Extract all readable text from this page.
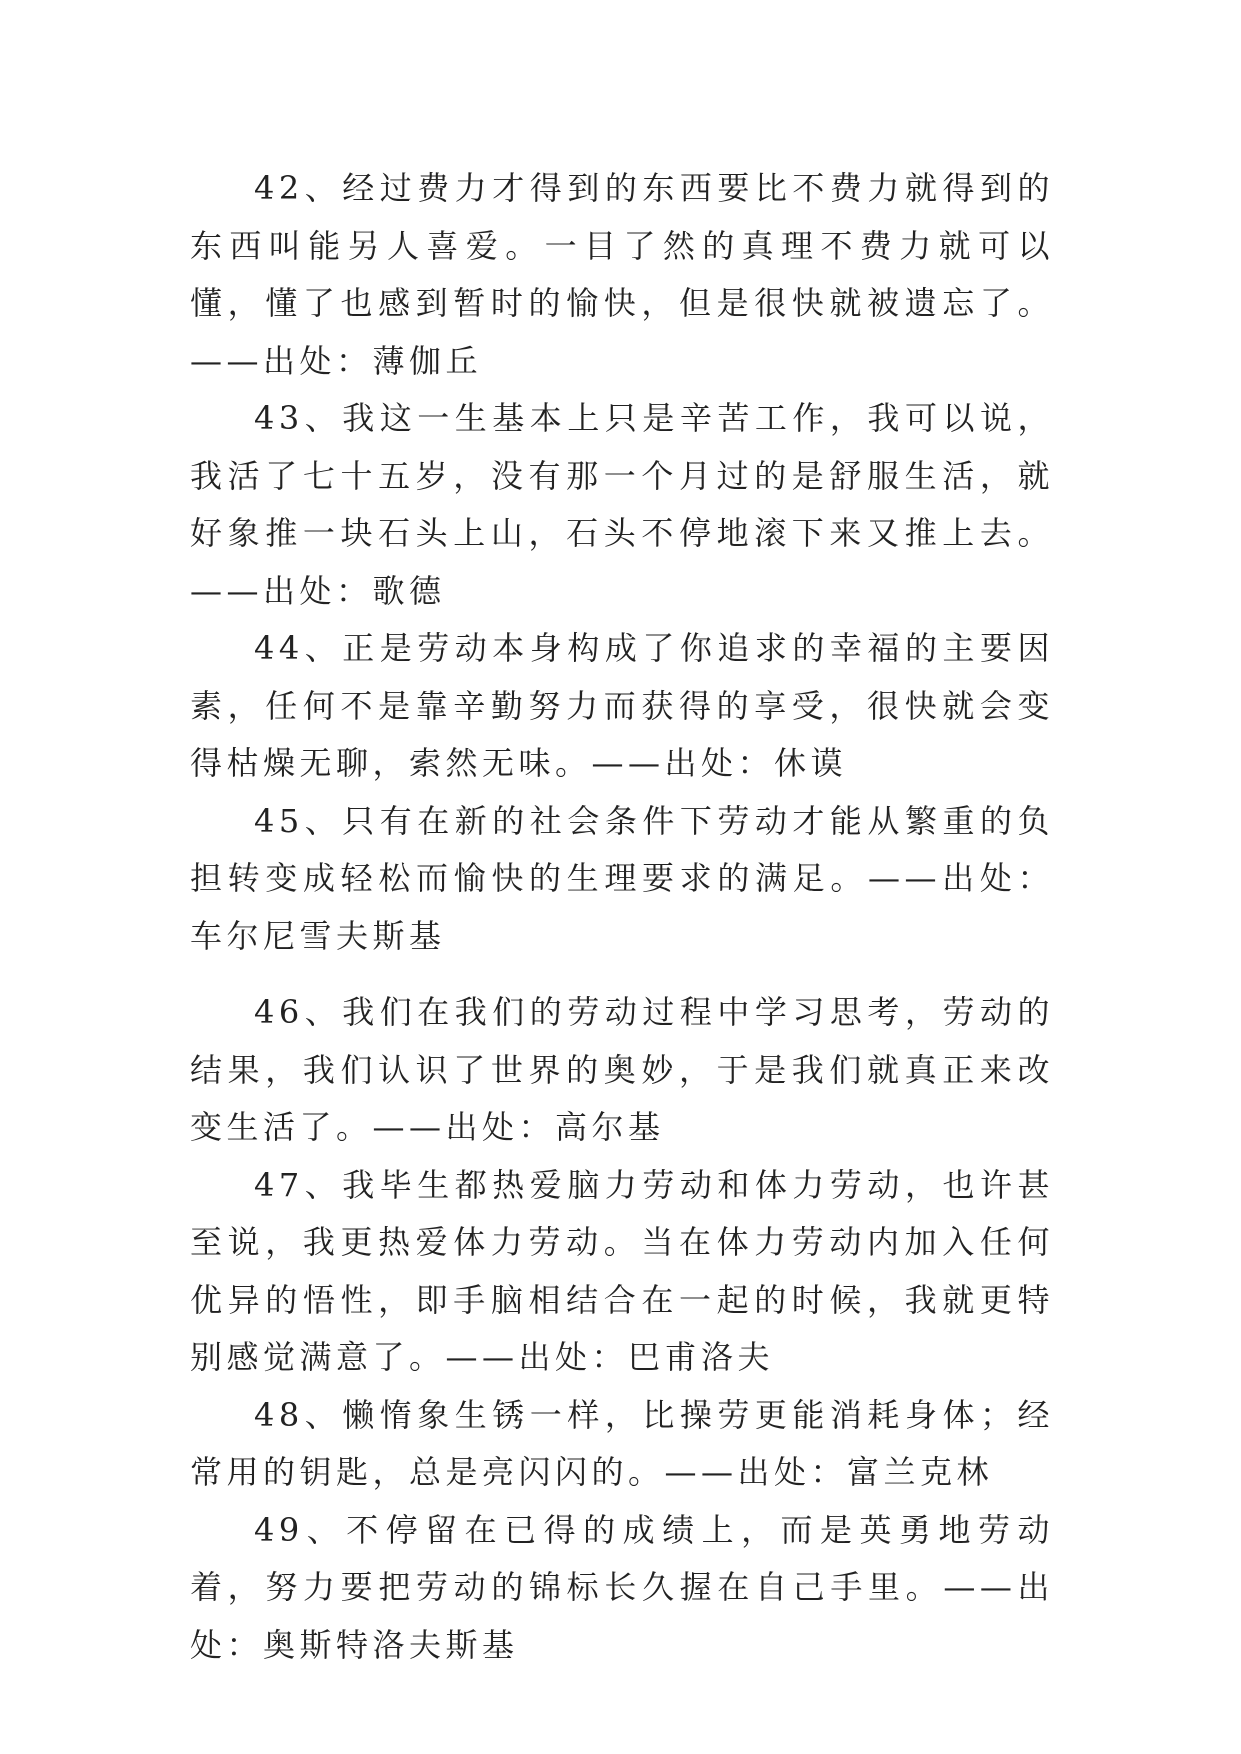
42、经过费力才得到的东西要比不费力就得到的东西叫能另人喜爱。一目了然的真理不费力就可以懂，懂了也感到暂时的愉快，但是很快就被遗忘了。——出处：薄伽丘

43、我这一生基本上只是辛苦工作，我可以说，我活了七十五岁，没有那一个月过的是舒服生活，就好象推一块石头上山，石头不停地滚下来又推上去。——出处：歌德

44、正是劳动本身构成了你追求的幸福的主要因素，任何不是靠辛勤努力而获得的享受，很快就会变得枯燥无聊，索然无味。——出处：休谟

45、只有在新的社会条件下劳动才能从繁重的负担转变成轻松而愉快的生理要求的满足。——出处：车尔尼雪夫斯基

46、我们在我们的劳动过程中学习思考，劳动的结果，我们认识了世界的奥妙，于是我们就真正来改变生活了。——出处：高尔基

47、我毕生都热爱脑力劳动和体力劳动，也许甚至说，我更热爱体力劳动。当在体力劳动内加入任何优异的悟性，即手脑相结合在一起的时候，我就更特别感觉满意了。——出处：巴甫洛夫

48、懒惰象生锈一样，比操劳更能消耗身体；经常用的钥匙，总是亮闪闪的。——出处：富兰克林

49、不停留在已得的成绩上，而是英勇地劳动着，努力要把劳动的锦标长久握在自己手里。——出处：奥斯特洛夫斯基
